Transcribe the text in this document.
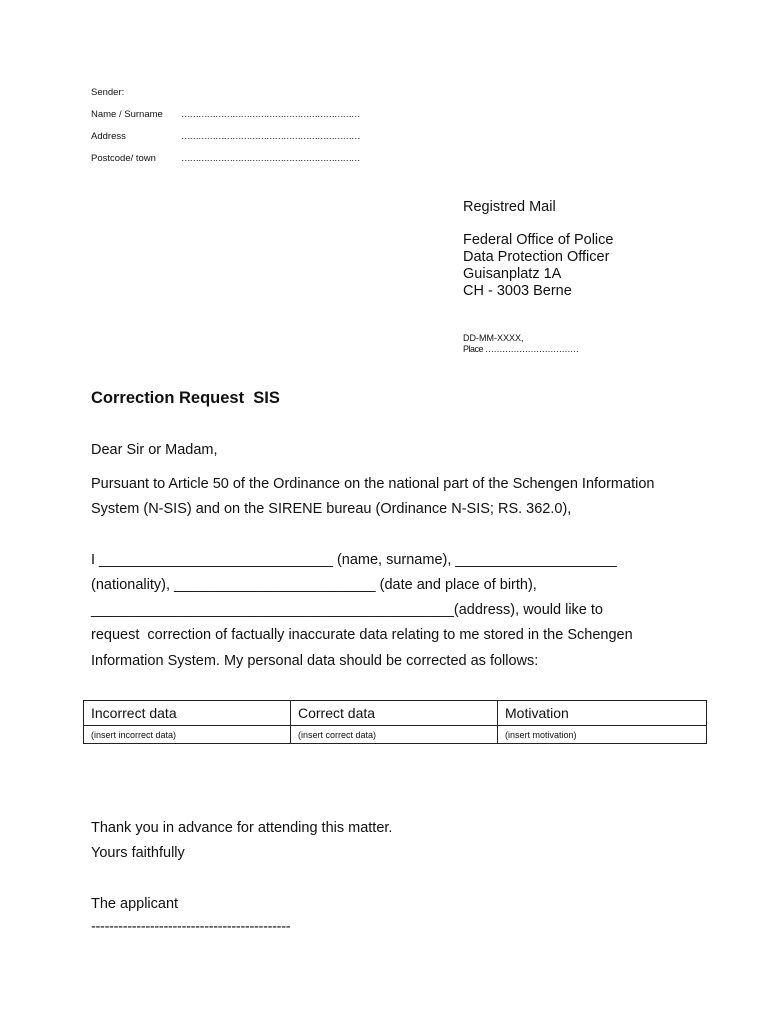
Sender:
Name / Surname ………………………………………………………
Address	………………………………………………………
Postcode/ town	………………………………………………………
Registred Mail
Federal Office of Police
Data Protection Officer
Guisanplatz 1A
CH - 3003 Berne
DD-MM-XXXX,
Place ……………………………
Correction Request  SIS
Dear Sir or Madam,
Pursuant to Article 50 of the Ordinance on the national part of the Schengen Information
System (N-SIS) and on the SIRENE bureau (Ordinance N-SIS; RS. 362.0),
I _____________________________ (name, surname), ____________________
(nationality), _________________________ (date and place of birth),
_____________________________________________(address), would like to
request  correction of factually inaccurate data relating to me stored in the Schengen
Information System. My personal data should be corrected as follows:
Incorrect data	Correct data	Motivation
(insert incorrect data)	(insert correct data)	(insert motivation)
Thank you in advance for attending this matter.
Yours faithfully
The applicant
--------------------------------------------
